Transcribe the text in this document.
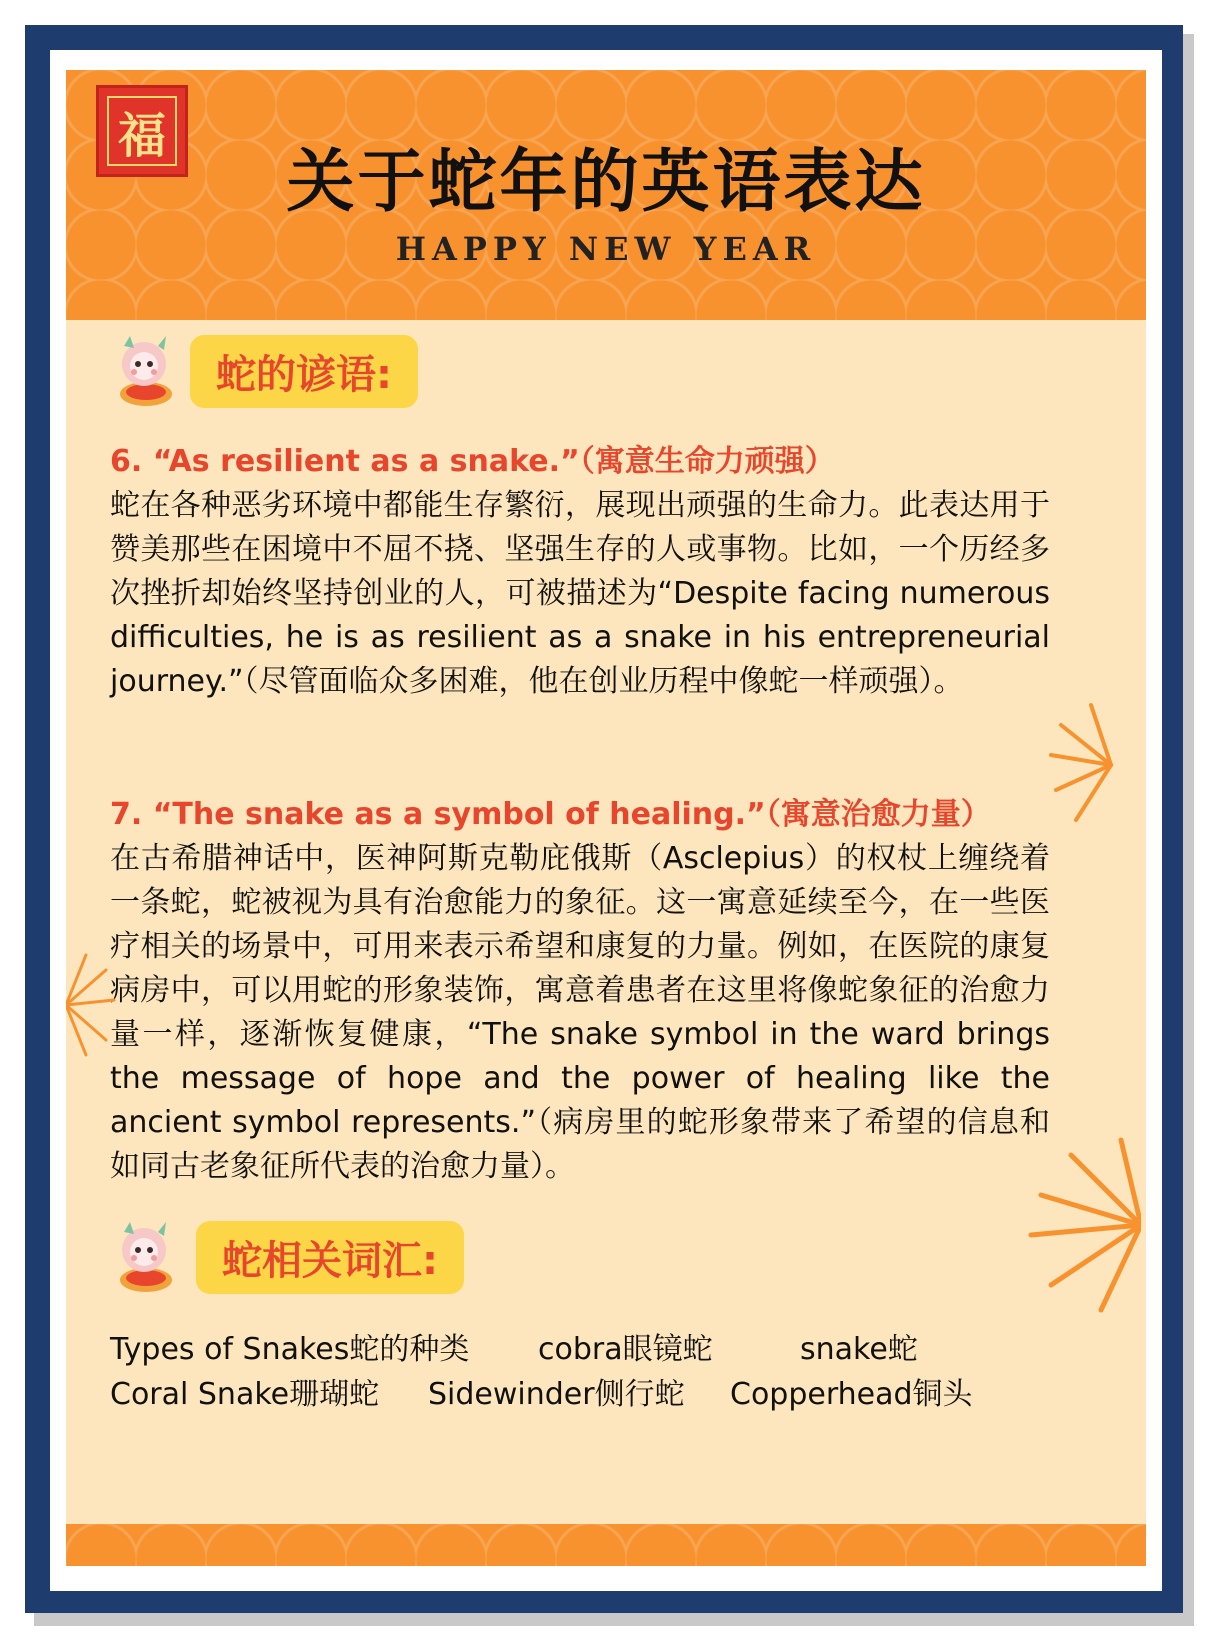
福
关于蛇年的英语表达
HAPPY NEW YEAR
蛇的谚语:
6. “As resilient as a snake.”（寓意生命力顽强）
蛇在各种恶劣环境中都能生存繁衍，展现出顽强的生命力。此表达用于赞美那些在困境中不屈不挠、坚强生存的人或事物。比如，一个历经多次挫折却始终坚持创业的人，可被描述为“Despite facing numerous difficulties, he is as resilient as a snake in his entrepreneurial journey.”（尽管面临众多困难，他在创业历程中像蛇一样顽强）。
7. “The snake as a symbol of healing.”（寓意治愈力量）
在古希腊神话中，医神阿斯克勒庇俄斯（Asclepius）的权杖上缠绕着一条蛇，蛇被视为具有治愈能力的象征。这一寓意延续至今，在一些医疗相关的场景中，可用来表示希望和康复的力量。例如，在医院的康复病房中，可以用蛇的形象装饰，寓意着患者在这里将像蛇象征的治愈力量一样，逐渐恢复健康，“The snake symbol in the ward brings the message of hope and the power of healing like the ancient symbol represents.”（病房里的蛇形象带来了希望的信息和如同古老象征所代表的治愈力量）。
蛇相关词汇:
Types of Snakes蛇的种类 cobra眼镜蛇	snake蛇
Coral Snake珊瑚蛇 Sidewinder侧行蛇 Copperhead铜头
